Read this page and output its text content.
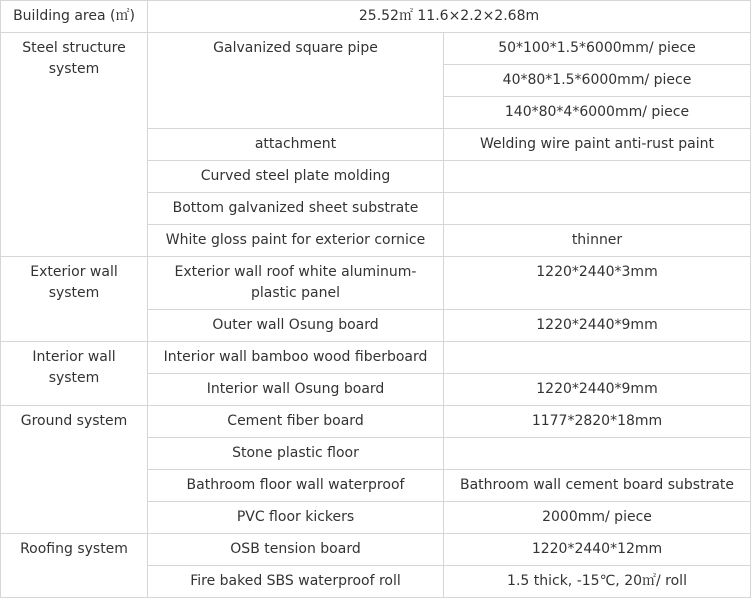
Building area (㎡)	25.52㎡ 11.6×2.2×2.68m	
Steel structure system	Galvanized square pipe	50*100*1.5*6000mm/ piece
		40*80*1.5*6000mm/ piece
		140*80*4*6000mm/ piece
	attachment	Welding wire paint anti-rust paint
	Curved steel plate molding	
	Bottom galvanized sheet substrate	
	White gloss paint for exterior cornice	thinner
Exterior wall system	Exterior wall roof white aluminum-plastic panel	1220*2440*3mm
	Outer wall Osung board	1220*2440*9mm
Interior wall system	Interior wall bamboo wood fiberboard	
	Interior wall Osung board	1220*2440*9mm
Ground system	Cement fiber board	1177*2820*18mm
	Stone plastic floor	
	Bathroom floor wall waterproof	Bathroom wall cement board substrate
	PVC floor kickers	2000mm/ piece
Roofing system	OSB tension board	1220*2440*12mm
	Fire baked SBS waterproof roll	1.5 thick, -15℃, 20㎡/ roll
